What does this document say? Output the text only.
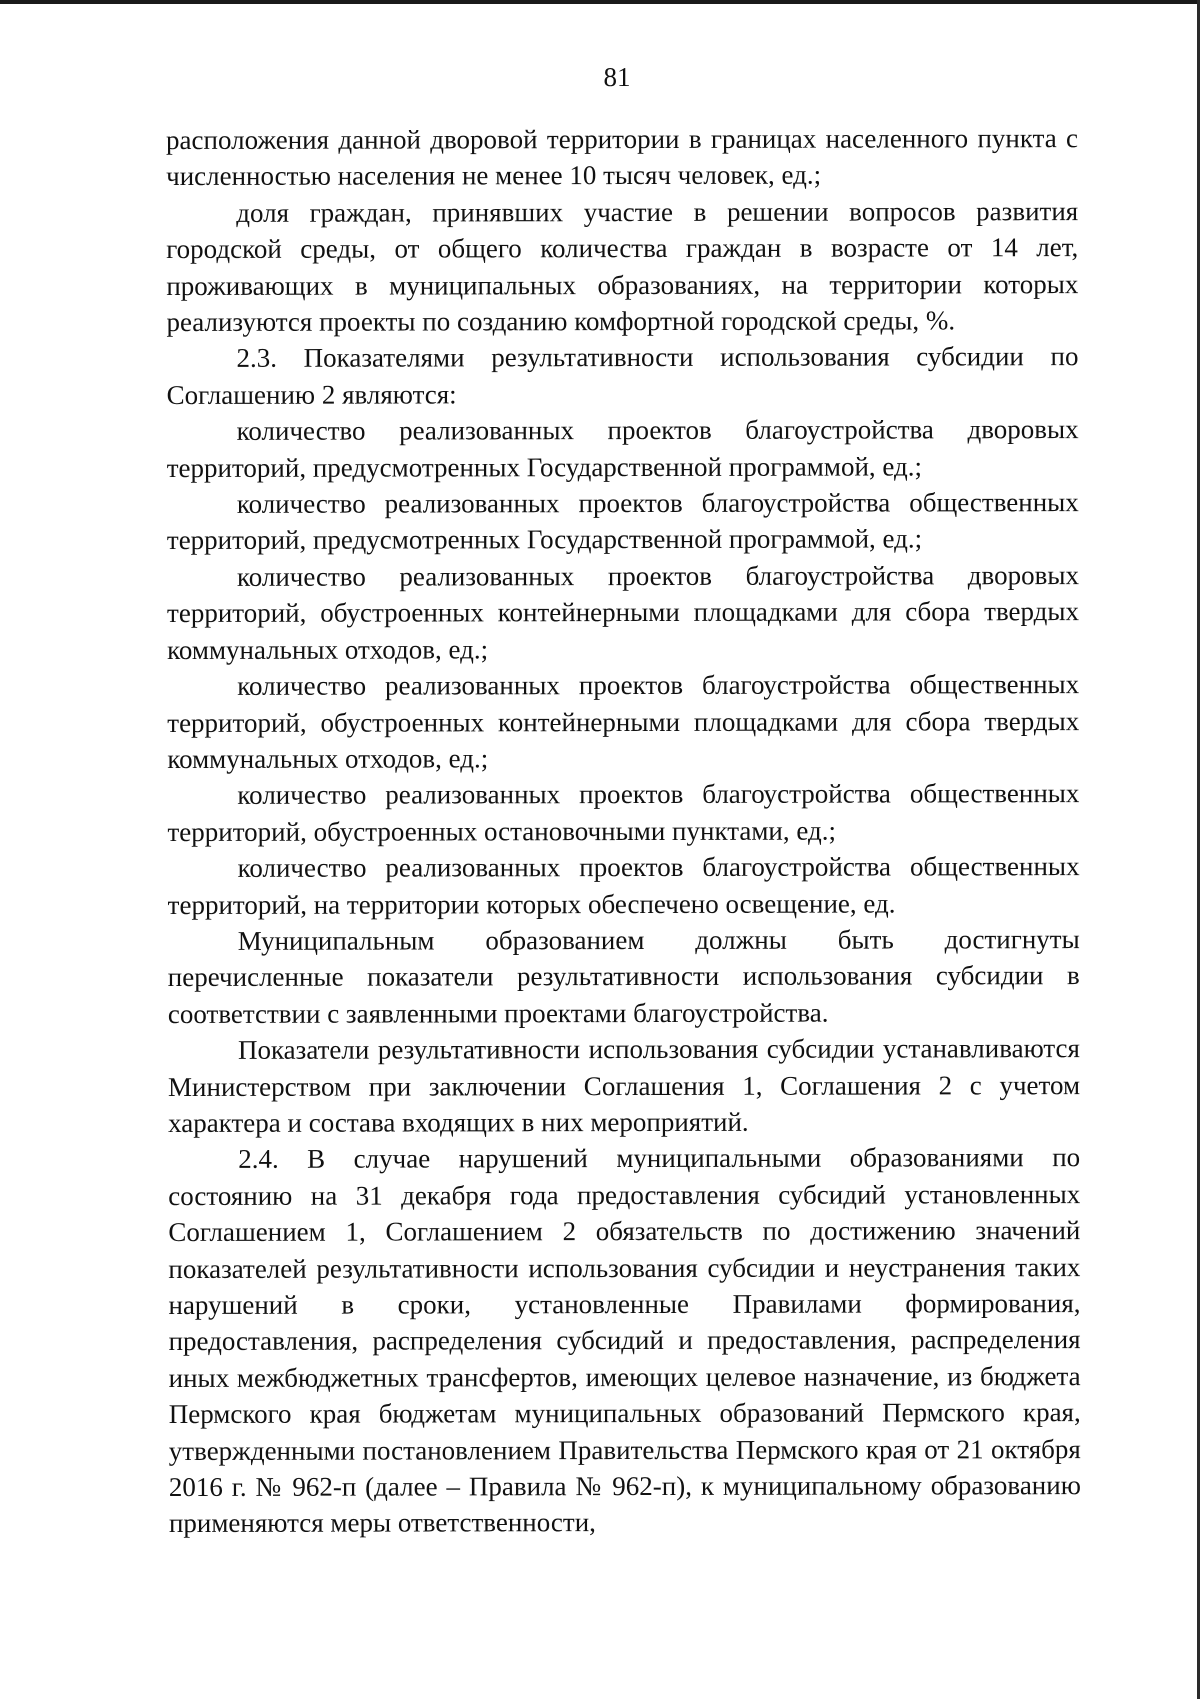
81

расположения данной дворовой территории в границах населенного пункта с численностью населения не менее 10 тысяч человек, ед.;

доля граждан, принявших участие в решении вопросов развития городской среды, от общего количества граждан в возрасте от 14 лет, проживающих в муниципальных образованиях, на территории которых реализуются проекты по созданию комфортной городской среды, %.

2.3. Показателями результативности использования субсидии по Соглашению 2 являются:

количество реализованных проектов благоустройства дворовых территорий, предусмотренных Государственной программой, ед.;

количество реализованных проектов благоустройства общественных территорий, предусмотренных Государственной программой, ед.;

количество реализованных проектов благоустройства дворовых территорий, обустроенных контейнерными площадками для сбора твердых коммунальных отходов, ед.;

количество реализованных проектов благоустройства общественных территорий, обустроенных контейнерными площадками для сбора твердых коммунальных отходов, ед.;

количество реализованных проектов благоустройства общественных территорий, обустроенных остановочными пунктами, ед.;

количество реализованных проектов благоустройства общественных территорий, на территории которых обеспечено освещение, ед.

Муниципальным образованием должны быть достигнуты перечисленные показатели результативности использования субсидии в соответствии с заявленными проектами благоустройства.

Показатели результативности использования субсидии устанавливаются Министерством при заключении Соглашения 1, Соглашения 2 с учетом характера и состава входящих в них мероприятий.

2.4. В случае нарушений муниципальными образованиями по состоянию на 31 декабря года предоставления субсидий установленных Соглашением 1, Соглашением 2 обязательств по достижению значений показателей результативности использования субсидии и неустранения таких нарушений в сроки, установленные Правилами формирования, предоставления, распределения субсидий и предоставления, распределения иных межбюджетных трансфертов, имеющих целевое назначение, из бюджета Пермского края бюджетам муниципальных образований Пермского края, утвержденными постановлением Правительства Пермского края от 21 октября 2016 г. № 962-п (далее – Правила № 962-п), к муниципальному образованию применяются меры ответственности,
